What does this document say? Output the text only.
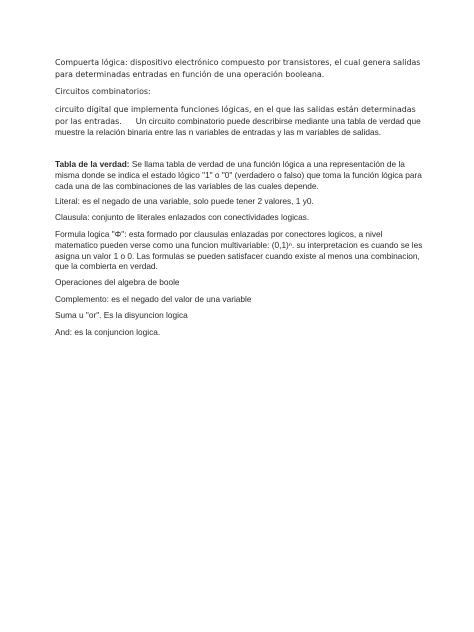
Compuerta lógica: dispositivo electrónico compuesto por transistores, el cual genera salidas para determinadas entradas en función de una operación booleana.

Circuitos combinatorios:

circuito digital que implementa funciones lógicas, en el que las salidas están determinadas por las entradas. Un circuito combinatorio puede describirse mediante una tabla de verdad que muestre la relación binaria entre las n variables de entradas y las m variables de salidas.

Tabla de la verdad: Se llama tabla de verdad de una función lógica a una representación de la misma donde se indica el estado lógico "1" o "0" (verdadero o falso) que toma la función lógica para cada una de las combinaciones de las variables de las cuales depende.

Literal: es el negado de una variable, solo puede tener 2 valores, 1 y0.

Clausula: conjunto de literales enlazados con conectividades logicas.

Formula logica "Φ": esta formado por clausulas enlazadas por conectores logicos, a nivel matematico pueden verse como una funcion multivariable: (0,1)ⁿ. su interpretacion es cuando se les asigna un valor 1 o 0. Las formulas se pueden satisfacer cuando existe al menos una combinacion, que la combierta en verdad.

Operaciones del algebra de boole

Complemento: es el negado del valor de una variable

Suma u "or". Es la disyuncion logica

And: es la conjuncion logica.
